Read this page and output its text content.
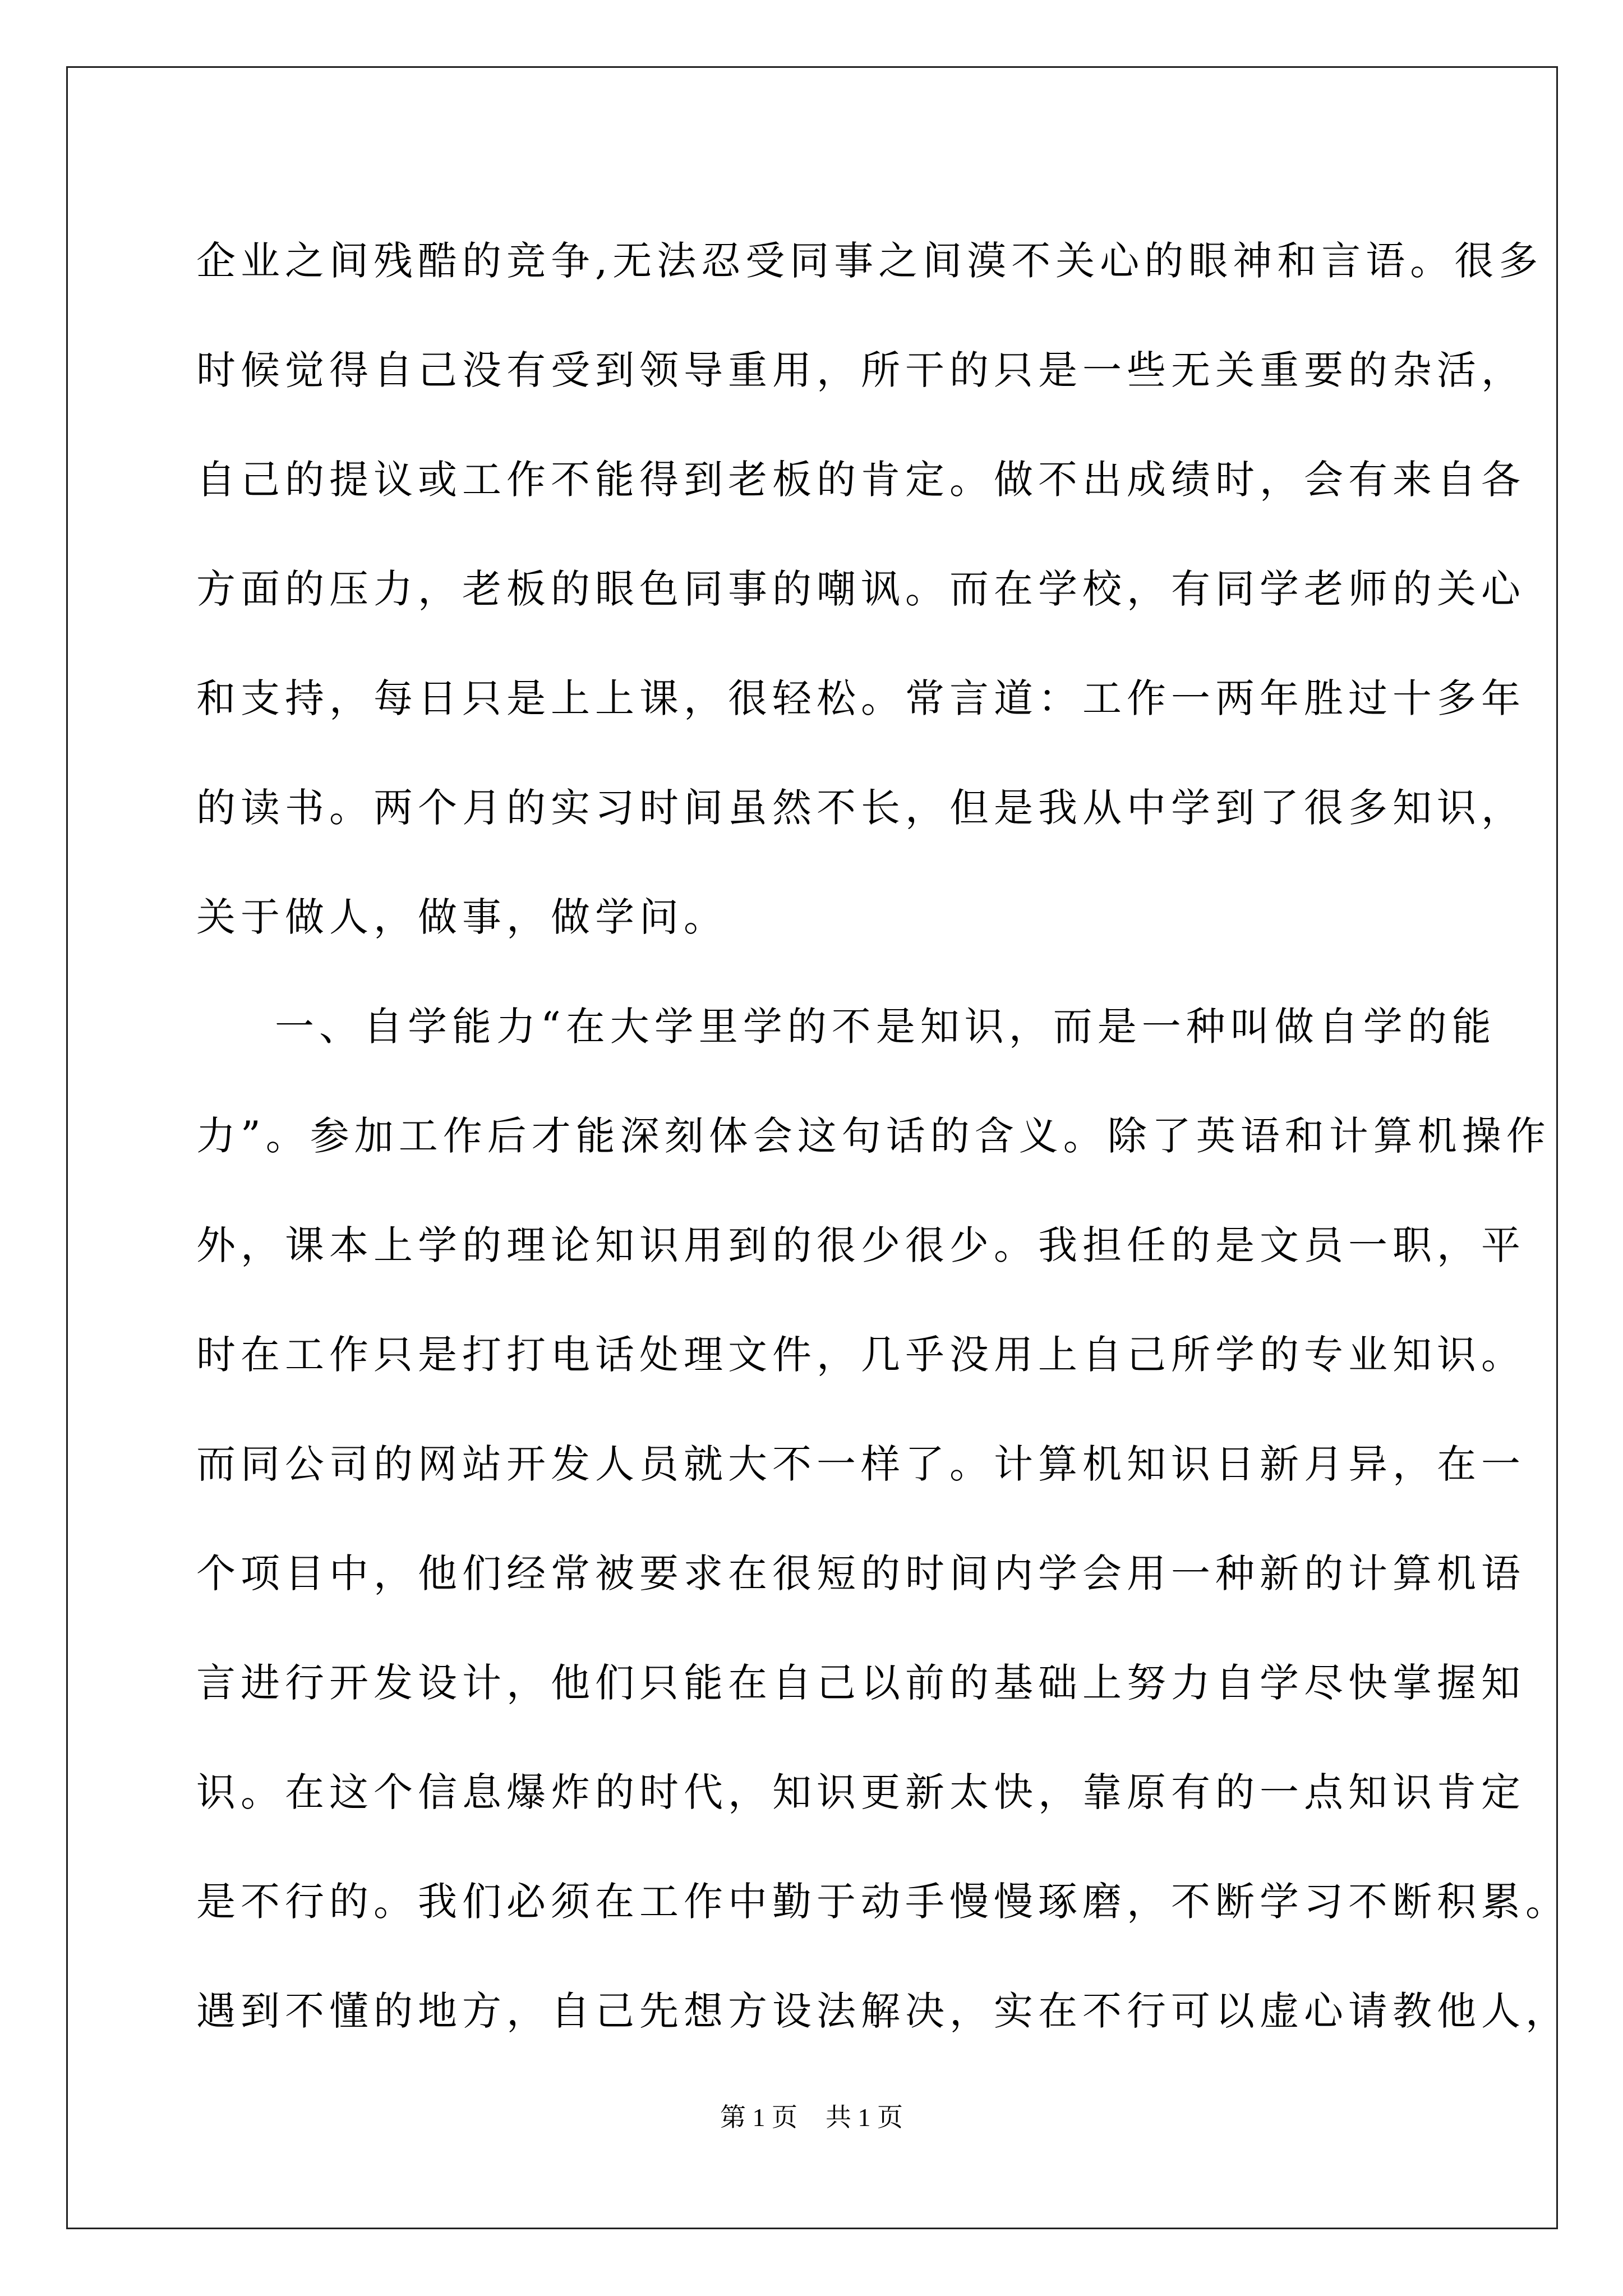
企业之间残酷的竞争,无法忍受同事之间漠不关心的眼神和言语。很多
时候觉得自己没有受到领导重用，所干的只是一些无关重要的杂活，
自己的提议或工作不能得到老板的肯定。做不出成绩时，会有来自各
方面的压力，老板的眼色同事的嘲讽。而在学校，有同学老师的关心
和支持，每日只是上上课，很轻松。常言道：工作一两年胜过十多年
的读书。两个月的实习时间虽然不长，但是我从中学到了很多知识，
关于做人，做事，做学问。
一、自学能力“在大学里学的不是知识，而是一种叫做自学的能
力”。参加工作后才能深刻体会这句话的含义。除了英语和计算机操作
外，课本上学的理论知识用到的很少很少。我担任的是文员一职，平
时在工作只是打打电话处理文件，几乎没用上自己所学的专业知识。
而同公司的网站开发人员就大不一样了。计算机知识日新月异，在一
个项目中，他们经常被要求在很短的时间内学会用一种新的计算机语
言进行开发设计，他们只能在自己以前的基础上努力自学尽快掌握知
识。在这个信息爆炸的时代，知识更新太快，靠原有的一点知识肯定
是不行的。我们必须在工作中勤于动手慢慢琢磨，不断学习不断积累。
遇到不懂的地方，自己先想方设法解决，实在不行可以虚心请教他人，
第 1 页 共 1 页
